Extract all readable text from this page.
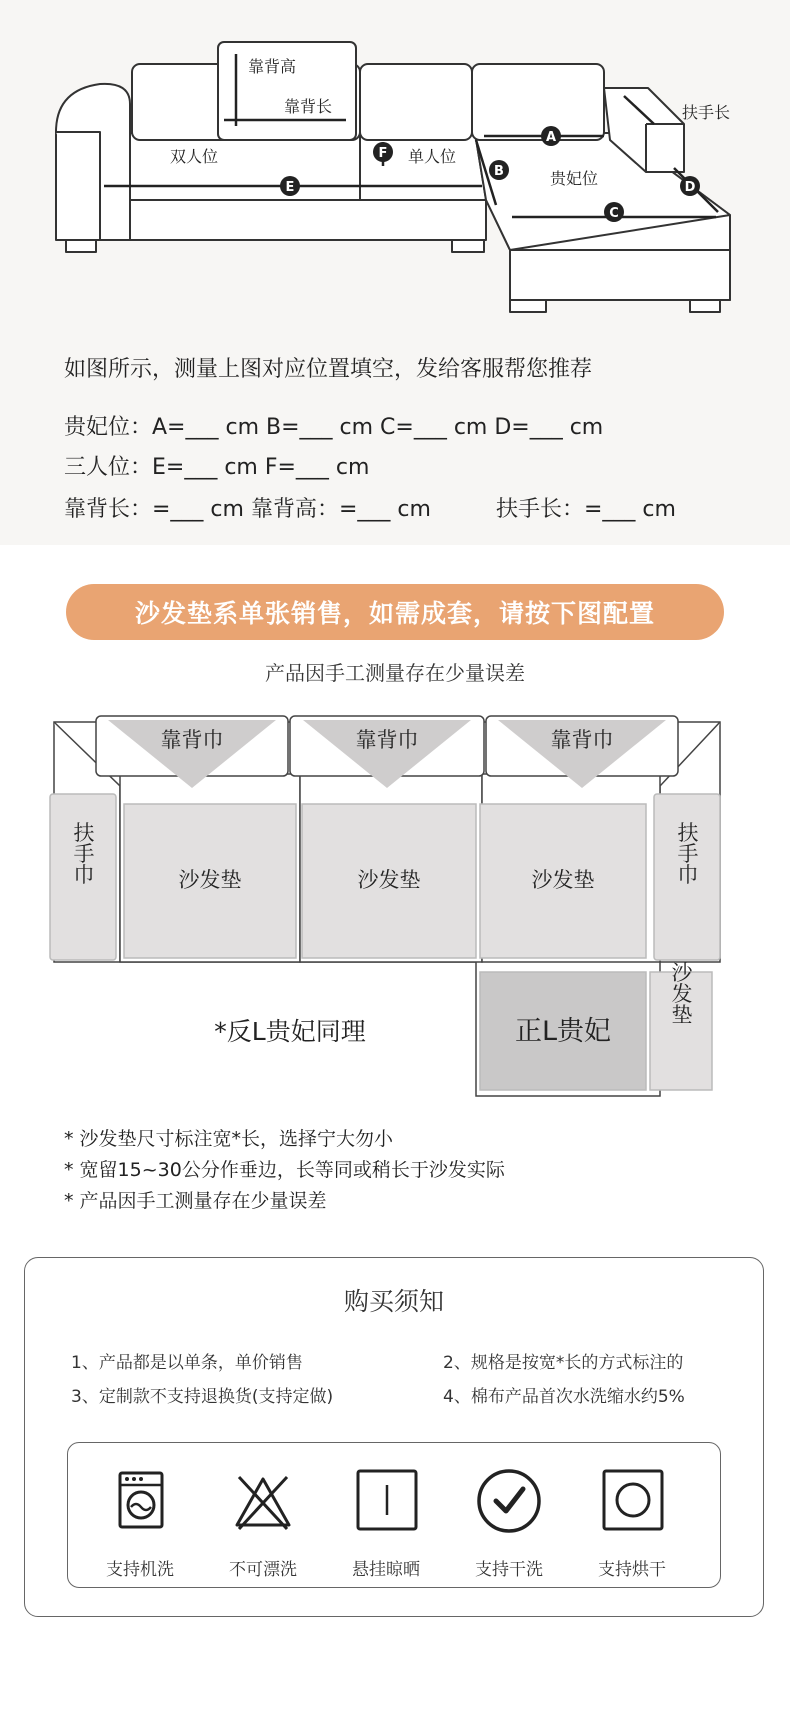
E
F
A
B
C
D
靠背高
靠背长
双人位	单人位
贵妃位
扶手长
如图所示，测量上图对应位置填空，发给客服帮您推荐
贵妃位：A=___ cm B=___ cm C=___ cm D=___ cm
三人位：E=___ cm F=___ cm
靠背长：=___ cm 靠背高：=___ cm	扶手长：=___ cm
沙发垫系单张销售，如需成套，请按下图配置
产品因手工测量存在少量误差
靠背巾	靠背巾	靠背巾
沙发垫	沙发垫	沙发垫
扶手巾	扶手巾
沙发垫
正L贵妃
*反L贵妃同理
* 沙发垫尺寸标注宽*长，选择宁大勿小
* 宽留15~30公分作垂边，长等同或稍长于沙发实际
* 产品因手工测量存在少量误差
购买须知
1、产品都是以单条，单价销售	2、规格是按宽*长的方式标注的
3、定制款不支持退换货(支持定做)	4、棉布产品首次水洗缩水约5%
支持机洗	不可漂洗	悬挂晾晒	支持干洗	支持烘干
